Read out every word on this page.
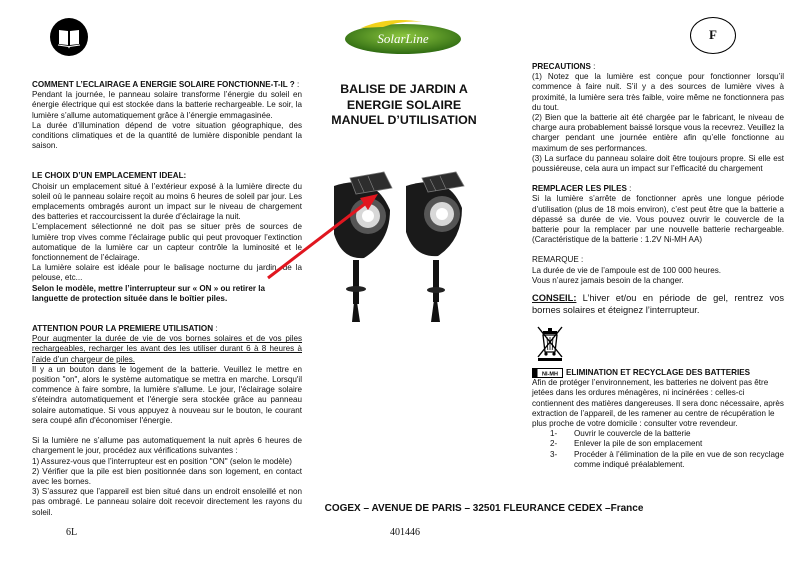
SolarLine	F
BALISE DE JARDIN A
ENERGIE SOLAIRE
MANUEL D’UTILISATION

COMMENT L’ECLAIRAGE A ENERGIE SOLAIRE FONCTIONNE-T-IL ? :

Pendant la journée, le panneau solaire transforme l’énergie du soleil en énergie électrique qui est stockée dans la batterie rechargeable. Le soir, la lumière s’allume automatiquement grâce à l’énergie emmagasinée.

La durée d’illumination dépend de votre situation géographique, des conditions climatiques et de la quantité de lumière disponible pendant la saison.

LE CHOIX D’UN EMPLACEMENT IDEAL:

Choisir un emplacement situé à l’extérieur exposé à la lumière directe du soleil où le panneau solaire reçoit au moins 6 heures de soleil par jour. Les emplacements ombragés auront un impact sur le niveau de chargement des batteries et raccourcissent la durée d’éclairage la nuit.

L’emplacement sélectionné ne doit pas se situer près de sources de lumière trop vives comme l’éclairage public qui peut provoquer l’extinction automatique de la lumière car un capteur contrôle la luminosité et le fonctionnement de l’éclairage.

La lumière solaire est idéale pour le balisage nocturne du jardin, de la pelouse, etc...

Selon le modèle, mettre l’interrupteur sur « ON » ou retirer la languette de protection située dans le boîtier piles.

ATTENTION POUR LA PREMIERE UTILISATION :

Pour augmenter la durée de vie de vos bornes solaires et de vos piles rechargeables, recharger les avant des les utiliser durant 6 à 8 heures à l’aide d’un chargeur de piles.

Il y a un bouton dans le logement de la batterie. Veuillez le mettre en position "on", alors le système automatique se mettra en marche. Lorsqu'il commence à faire sombre, la lumière s'allume. Le jour, l'éclairage solaire s'éteindra automatiquement et l'énergie sera stockée grâce au panneau solaire automatique. Si vous appuyez à nouveau sur le bouton, le courant sera coupé afin d'économiser l'énergie.

Si la lumière ne s’allume pas automatiquement la nuit après 6 heures de chargement le jour, procédez aux vérifications suivantes :

1) Assurez-vous que l’interrupteur est en position "ON" (selon le modèle)

2) Vérifier que la pile est bien positionnée dans son logement, en contact avec les bornes.

3) S’assurez que l’appareil est bien situé dans un endroit ensoleillé et non pas ombragé. Le panneau solaire doit recevoir directement les rayons du soleil.

PRECAUTIONS :

(1) Notez que la lumière est conçue pour fonctionner lorsqu’il commence à faire nuit. S’il y a des sources de lumière vives à proximité, la lumière sera très faible, voire même ne fonctionnera pas du tout.

(2) Bien que la batterie ait été chargée par le fabricant, le niveau de charge aura probablement baissé lorsque vous la recevrez. Veuillez la charger pendant une journée entière afin qu’elle fonctionne au maximum de ses performances.

(3) La surface du panneau solaire doit être toujours propre. Si elle est poussiéreuse, cela aura un impact sur l’efficacité du chargement

REMPLACER LES PILES :

Si la lumière s’arrête de fonctionner après une longue période d’utilisation (plus de 18 mois environ), c’est peut être que la batterie a dépassé sa durée de vie. Vous pouvez ouvrir le couvercle de la batterie pour la remplacer par une nouvelle batterie rechargeable. (Caractéristique de la batterie : 1.2V Ni-MH AA)

REMARQUE :

La durée de vie de l’ampoule est de 100 000 heures.

Vous n’aurez jamais besoin de la changer.

CONSEIL: L’hiver et/ou en période de gel, rentrez vos bornes solaires et éteignez l’interrupteur.

NI-MH ELIMINATION ET RECYCLAGE DES BATTERIES

Afin de protéger l’environnement, les batteries ne doivent pas être jetées dans les ordures ménagères, ni incinérées : celles-ci contiennent des matières dangereuses. Il sera donc nécessaire, après extraction de l’appareil, de les ramener au centre de récupération le plus proche de votre domicile : consulter votre revendeur.

1-	Ouvrir le couvercle de la batterie
2-	Enlever la pile de son emplacement
3-	Procéder à l’élimination de la pile en vue de son recyclage comme indiqué préalablement.
COGEX – AVENUE DE PARIS – 32501 FLEURANCE CEDEX –France
6L	401446
